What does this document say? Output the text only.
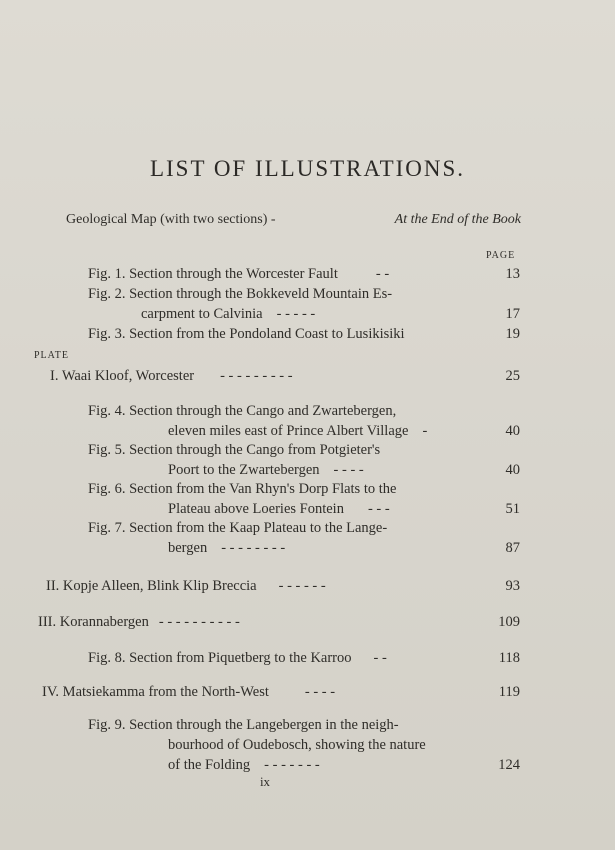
LIST OF ILLUSTRATIONS.
Geological Map (with two sections) -	At the End of the Book
PAGE
PLATE
Fig. 1. Section through the Worcester Fault	- -	13
Fig. 2. Section through the Bokkeveld Mountain Es-
carpment to Calvinia - - - - -	17
Fig. 3. Section from the Pondoland Coast to Lusikisiki	19
I. Waai Kloof, Worcester - - - - - - - - -	25
Fig. 4. Section through the Cango and Zwartebergen,
eleven miles east of Prince Albert Village -	40
Fig. 5. Section through the Cango from Potgieter's
Poort to the Zwartebergen - - - -	40
Fig. 6. Section from the Van Rhyn's Dorp Flats to the
Plateau above Loeries Fontein - - -	51
Fig. 7. Section from the Kaap Plateau to the Lange-
bergen - - - - - - - -	87
II. Kopje Alleen, Blink Klip Breccia - - - - - -	93
III. Korannabergen - - - - - - - - - -	109
Fig. 8. Section from Piquetberg to the Karroo - -	118
IV. Matsiekamma from the North-West - - - -	119
Fig. 9. Section through the Langebergen in the neigh-
bourhood of Oudebosch, showing the nature
of the Folding - - - - - - -	124
ix
